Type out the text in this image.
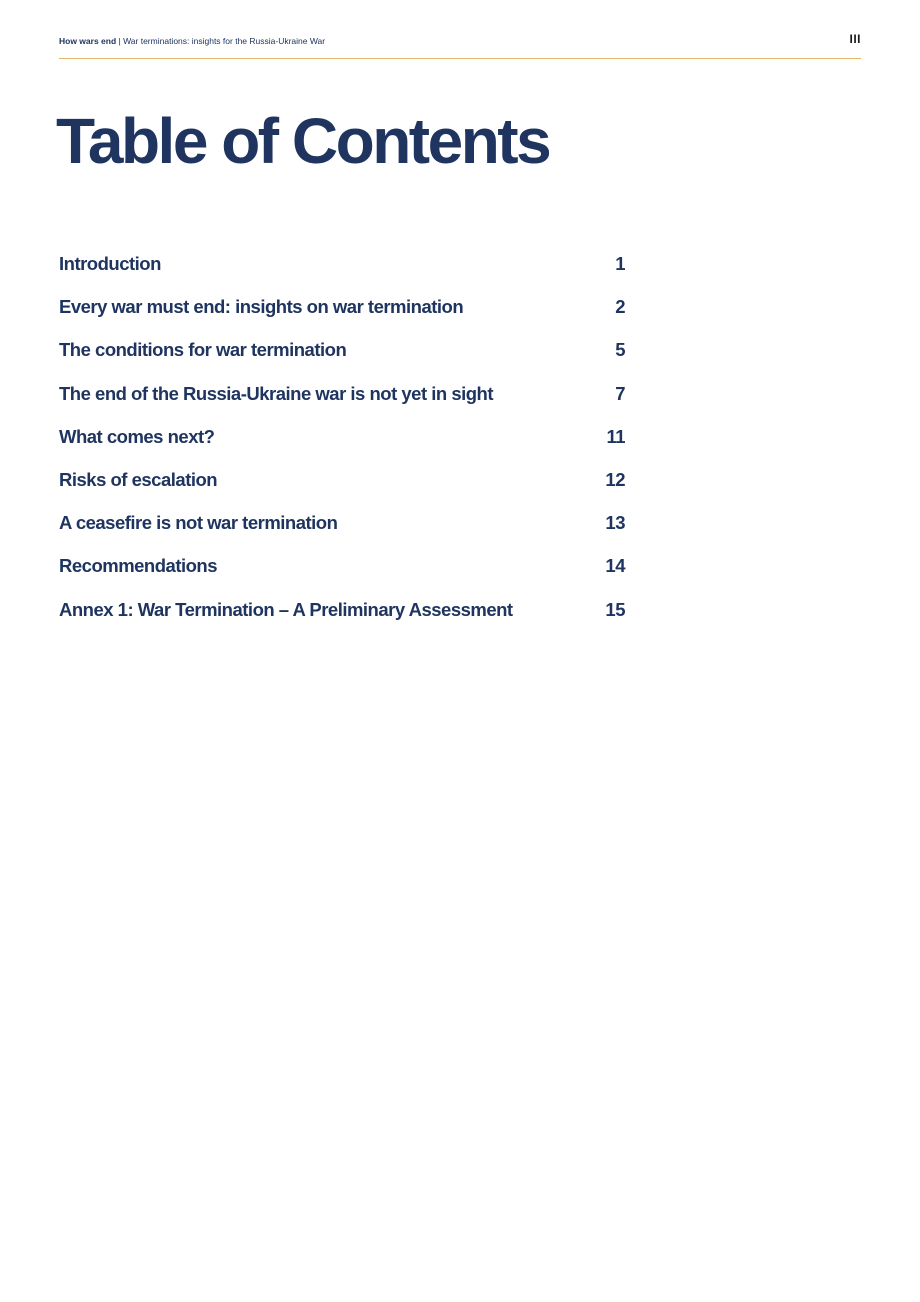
How wars end | War terminations: insights for the Russia-Ukraine War	III
Table of Contents
Introduction	1
Every war must end: insights on war termination	2
The conditions for war termination	5
The end of the Russia-Ukraine war is not yet in sight	7
What comes next?	11
Risks of escalation	12
A ceasefire is not war termination	13
Recommendations	14
Annex 1: War Termination – A Preliminary Assessment	15
